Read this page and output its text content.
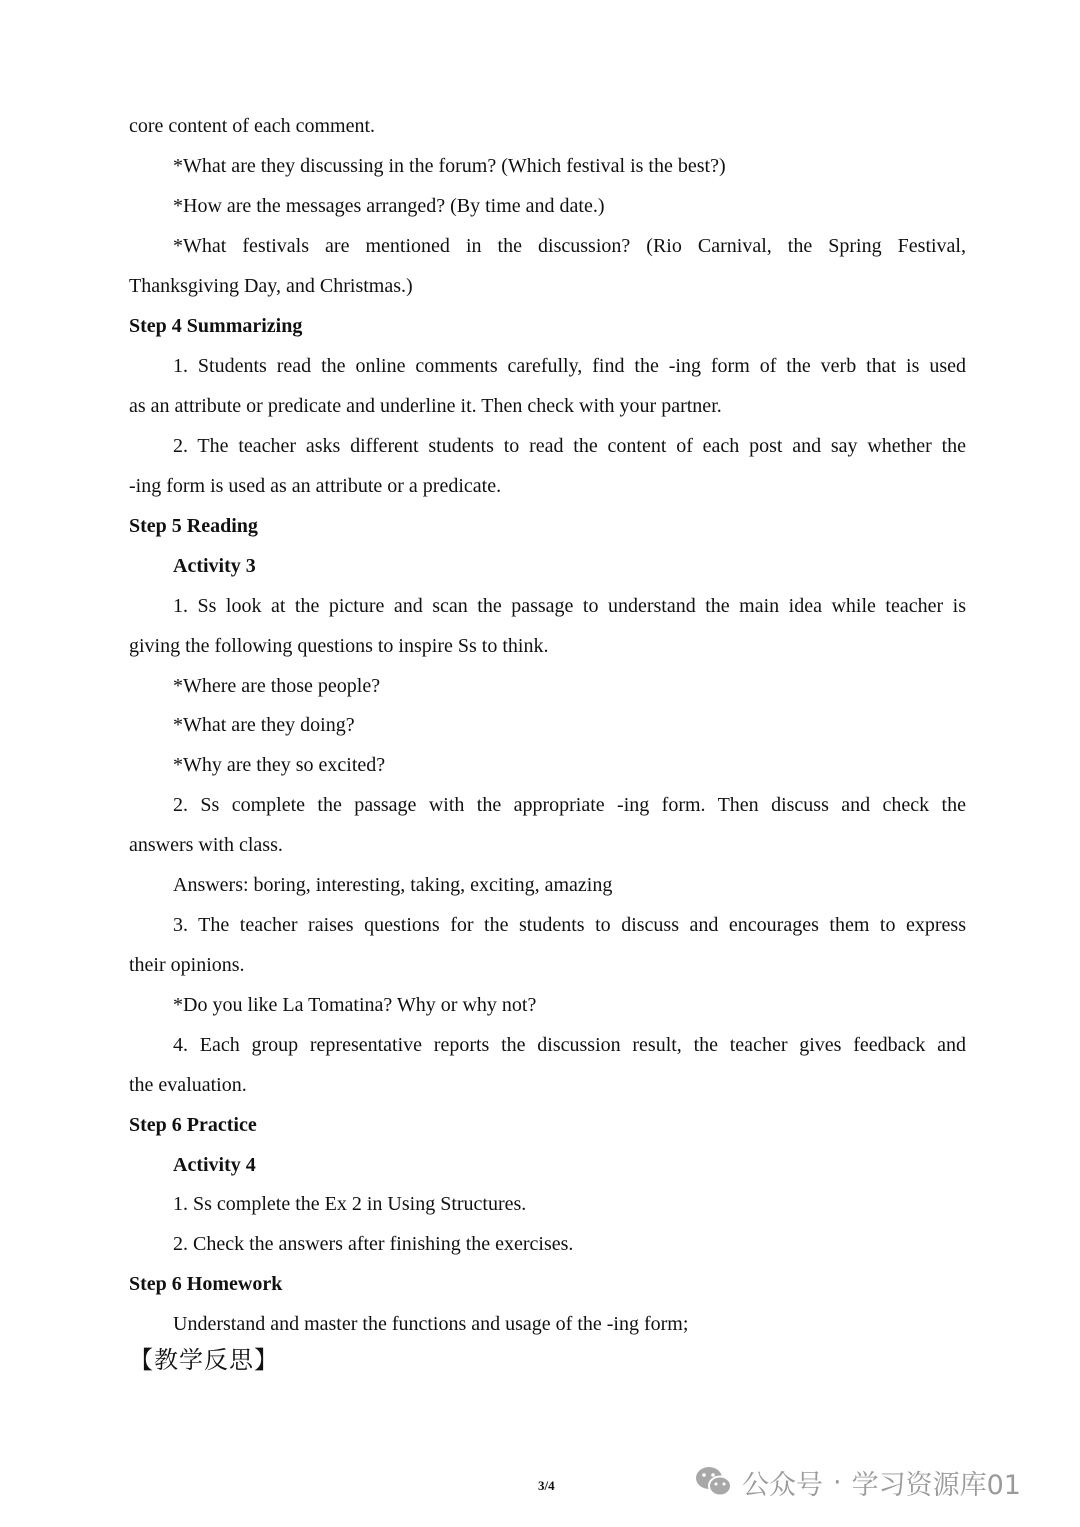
core content of each comment.
*What are they discussing in the forum? (Which festival is the best?)
*How are the messages arranged? (By time and date.)
*What festivals are mentioned in the discussion? (Rio Carnival, the Spring Festival,
Thanksgiving Day, and Christmas.)
Step 4 Summarizing
1. Students read the online comments carefully, find the -ing form of the verb that is used
as an attribute or predicate and underline it. Then check with your partner.
2. The teacher asks different students to read the content of each post and say whether the
-ing form is used as an attribute or a predicate.
Step 5 Reading
Activity 3
1. Ss look at the picture and scan the passage to understand the main idea while teacher is
giving the following questions to inspire Ss to think.
*Where are those people?
*What are they doing?
*Why are they so excited?
2. Ss complete the passage with the appropriate -ing form. Then discuss and check the
answers with class.
Answers: boring, interesting, taking, exciting, amazing
3. The teacher raises questions for the students to discuss and encourages them to express
their opinions.
*Do you like La Tomatina? Why or why not?
4. Each group representative reports the discussion result, the teacher gives feedback and
the evaluation.
Step 6 Practice
Activity 4
1. Ss complete the Ex 2 in Using Structures.
2. Check the answers after finishing the exercises.
Step 6 Homework
Understand and master the functions and usage of the -ing form;
【教学反思】
3/4	公众号 · 学习资源库01
